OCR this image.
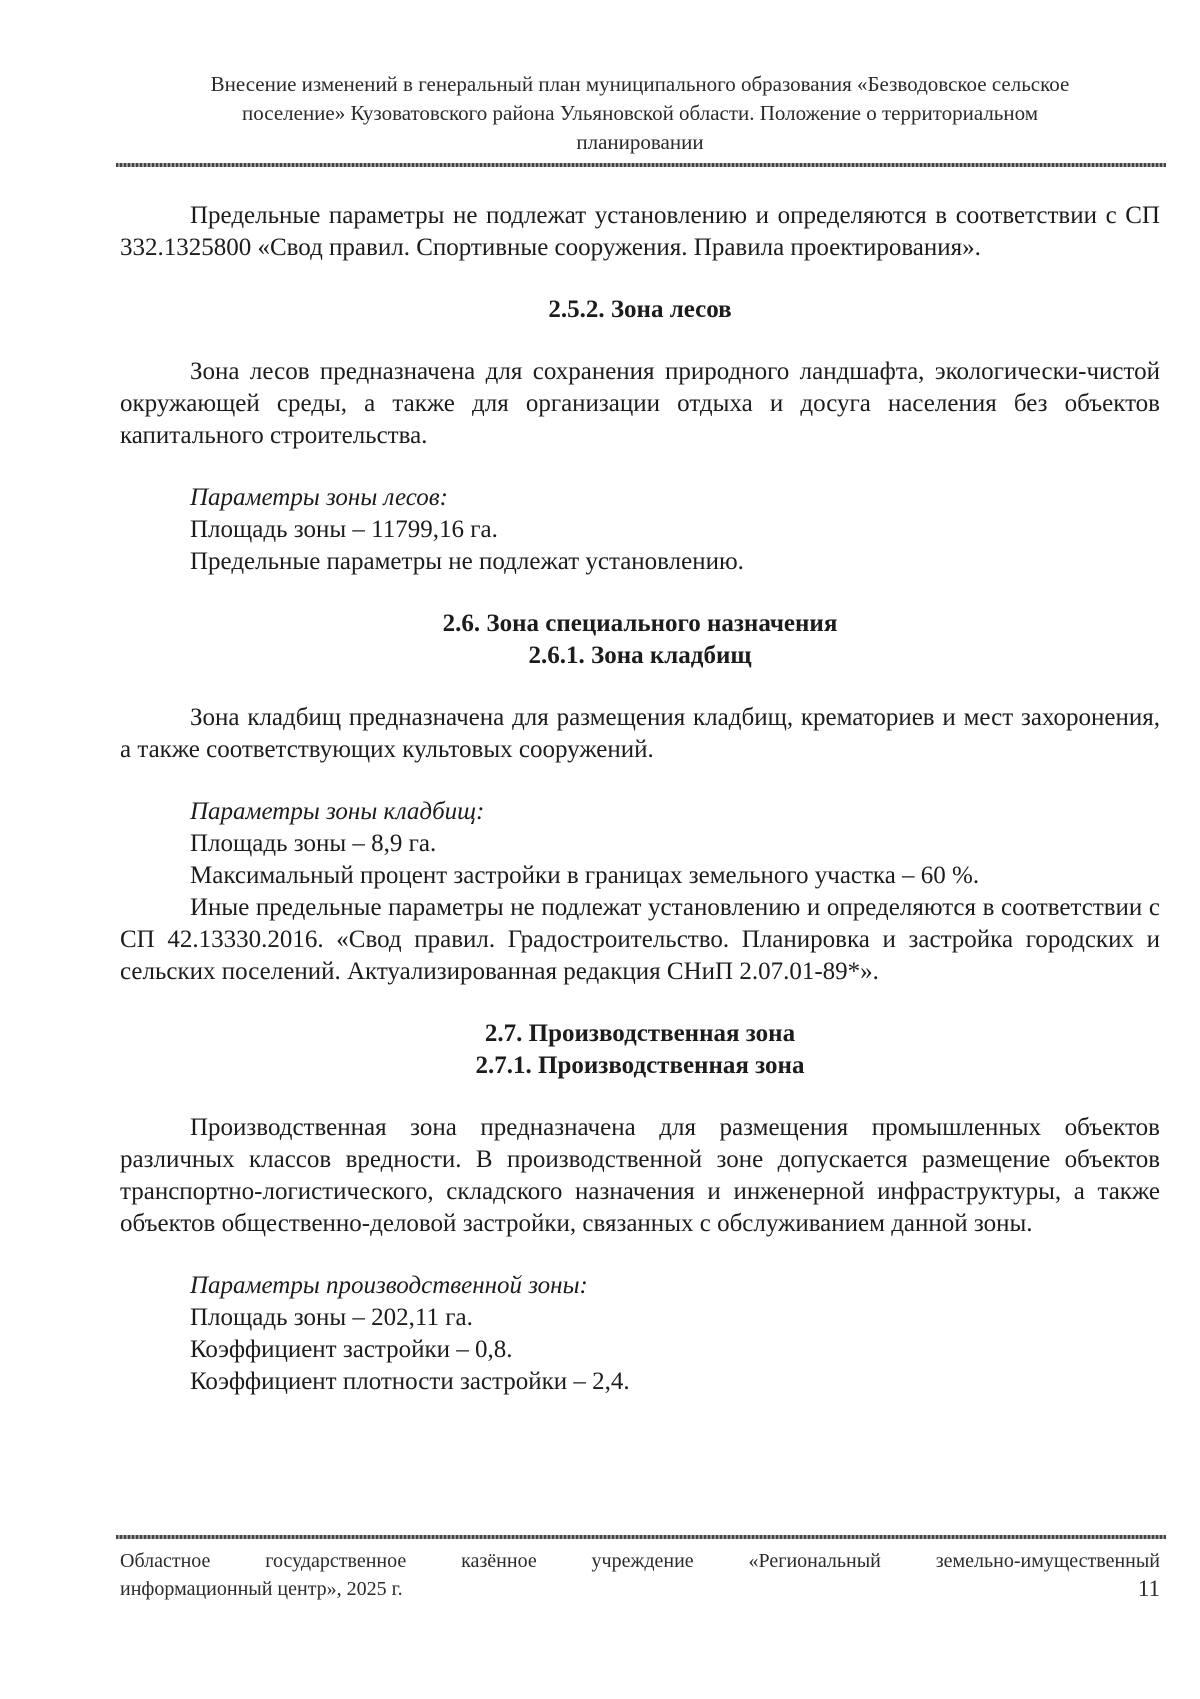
Внесение изменений в генеральный план муниципального образования «Безводовское сельское
поселение» Кузоватовского района Ульяновской области. Положение о территориальном
планировании

Предельные параметры не подлежат установлению и определяются в соответствии с СП 332.1325800 «Свод правил. Спортивные сооружения. Правила проектирования».

2.5.2. Зона лесов

Зона лесов предназначена для сохранения природного ландшафта, экологически-чистой окружающей среды, а также для организации отдыха и досуга населения без объектов капитального строительства.

Параметры зоны лесов:
Площадь зоны – 11799,16 га.
Предельные параметры не подлежат установлению.
2.6. Зона специального назначения
2.6.1. Зона кладбищ

Зона кладбищ предназначена для размещения кладбищ, крематориев и мест захоронения, а также соответствующих культовых сооружений.

Параметры зоны кладбищ:
Площадь зоны – 8,9 га.
Максимальный процент застройки в границах земельного участка – 60 %.

Иные предельные параметры не подлежат установлению и определяются в соответствии с СП 42.13330.2016. «Свод правил. Градостроительство. Планировка и застройка городских и сельских поселений. Актуализированная редакция СНиП 2.07.01-89*».

2.7. Производственная зона
2.7.1. Производственная зона

Производственная зона предназначена для размещения промышленных объектов различных классов вредности. В производственной зоне допускается размещение объектов транспортно-логистического, складского назначения и инженерной инфраструктуры, а также объектов общественно-деловой застройки, связанных с обслуживанием данной зоны.

Параметры производственной зоны:
Площадь зоны – 202,11 га.
Коэффициент застройки – 0,8.
Коэффициент плотности застройки – 2,4.
Областное государственное казённое учреждение «Региональный земельно-имущественный
информационный центр», 2025 г.	11
